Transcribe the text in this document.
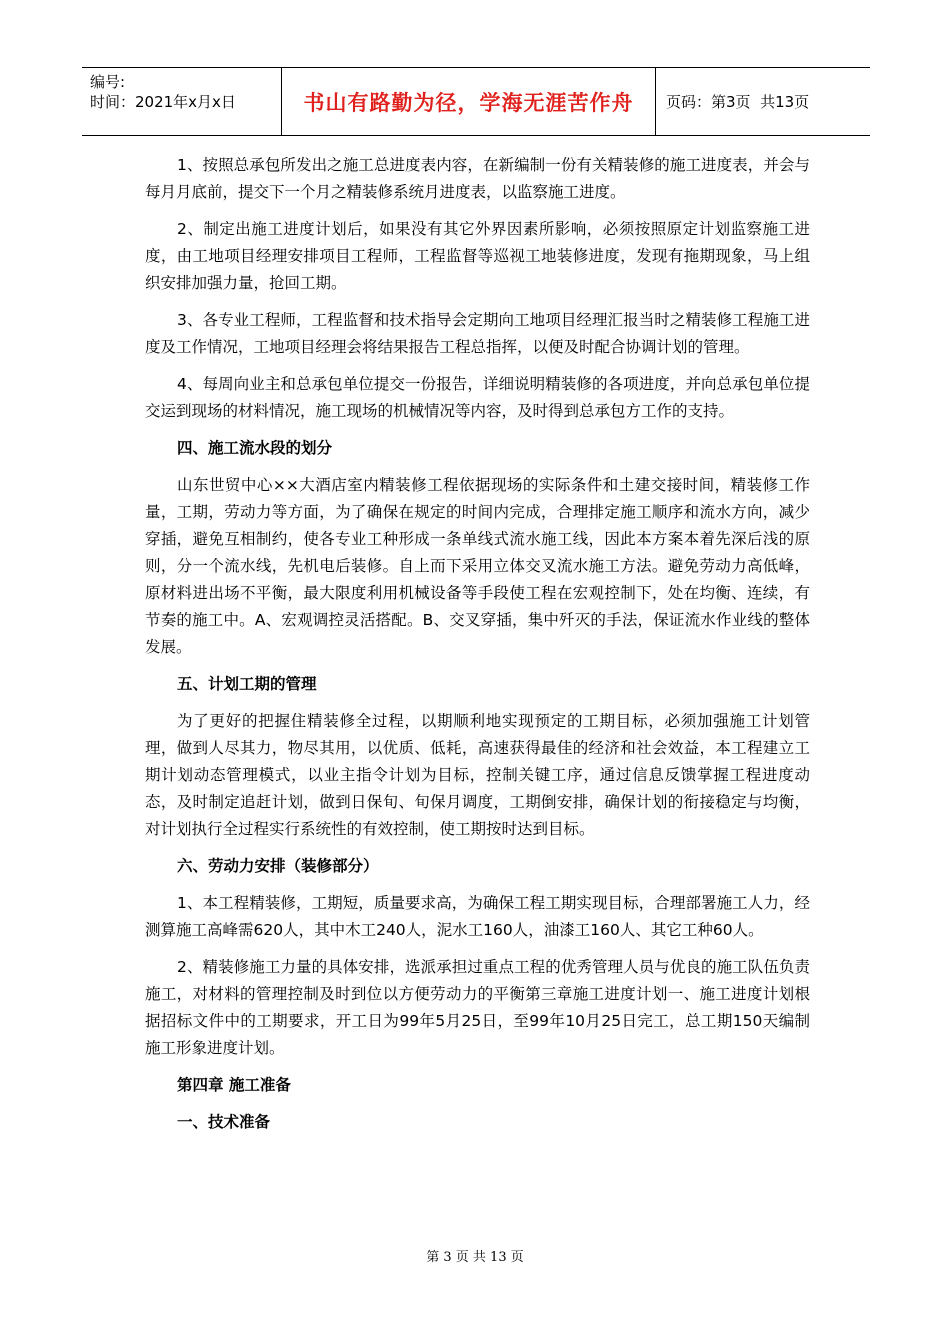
编号:
时间：2021年x月x日	书山有路勤为径，学海无涯苦作舟 页码：第3页  共13页

1、按照总承包所发出之施工总进度表内容，在新编制一份有关精装修的施工进度表，并会与每月月底前，提交下一个月之精装修系统月进度表，以监察施工进度。

2、制定出施工进度计划后，如果没有其它外界因素所影响，必须按照原定计划监察施工进度，由工地项目经理安排项目工程师，工程监督等巡视工地装修进度，发现有拖期现象，马上组织安排加强力量，抢回工期。

3、各专业工程师，工程监督和技术指导会定期向工地项目经理汇报当时之精装修工程施工进度及工作情况，工地项目经理会将结果报告工程总指挥，以便及时配合协调计划的管理。

4、每周向业主和总承包单位提交一份报告，详细说明精装修的各项进度，并向总承包单位提交运到现场的材料情况，施工现场的机械情况等内容，及时得到总承包方工作的支持。

四、施工流水段的划分

山东世贸中心××大酒店室内精装修工程依据现场的实际条件和土建交接时间，精装修工作量，工期，劳动力等方面，为了确保在规定的时间内完成，合理排定施工顺序和流水方向，减少穿插，避免互相制约，使各专业工种形成一条单线式流水施工线，因此本方案本着先深后浅的原则，分一个流水线，先机电后装修。自上而下采用立体交叉流水施工方法。避免劳动力高低峰，原材料进出场不平衡，最大限度利用机械设备等手段使工程在宏观控制下，处在均衡、连续，有节奏的施工中。A、宏观调控灵活搭配。B、交叉穿插，集中歼灭的手法，保证流水作业线的整体发展。

五、计划工期的管理

为了更好的把握住精装修全过程，以期顺利地实现预定的工期目标，必须加强施工计划管理，做到人尽其力，物尽其用，以优质、低耗，高速获得最佳的经济和社会效益，本工程建立工期计划动态管理模式，以业主指令计划为目标，控制关键工序，通过信息反馈掌握工程进度动态，及时制定追赶计划，做到日保旬、旬保月调度，工期倒安排，确保计划的衔接稳定与均衡，对计划执行全过程实行系统性的有效控制，使工期按时达到目标。

六、劳动力安排（装修部分）

1、本工程精装修，工期短，质量要求高，为确保工程工期实现目标，合理部署施工人力，经测算施工高峰需620人，其中木工240人，泥水工160人，油漆工160人、其它工种60人。

2、精装修施工力量的具体安排，选派承担过重点工程的优秀管理人员与优良的施工队伍负责施工，对材料的管理控制及时到位以方便劳动力的平衡第三章施工进度计划一、施工进度计划根据招标文件中的工期要求，开工日为99年5月25日，至99年10月25日完工，总工期150天编制施工形象进度计划。

第四章 施工准备

一、技术准备

第 3 页 共 13 页
